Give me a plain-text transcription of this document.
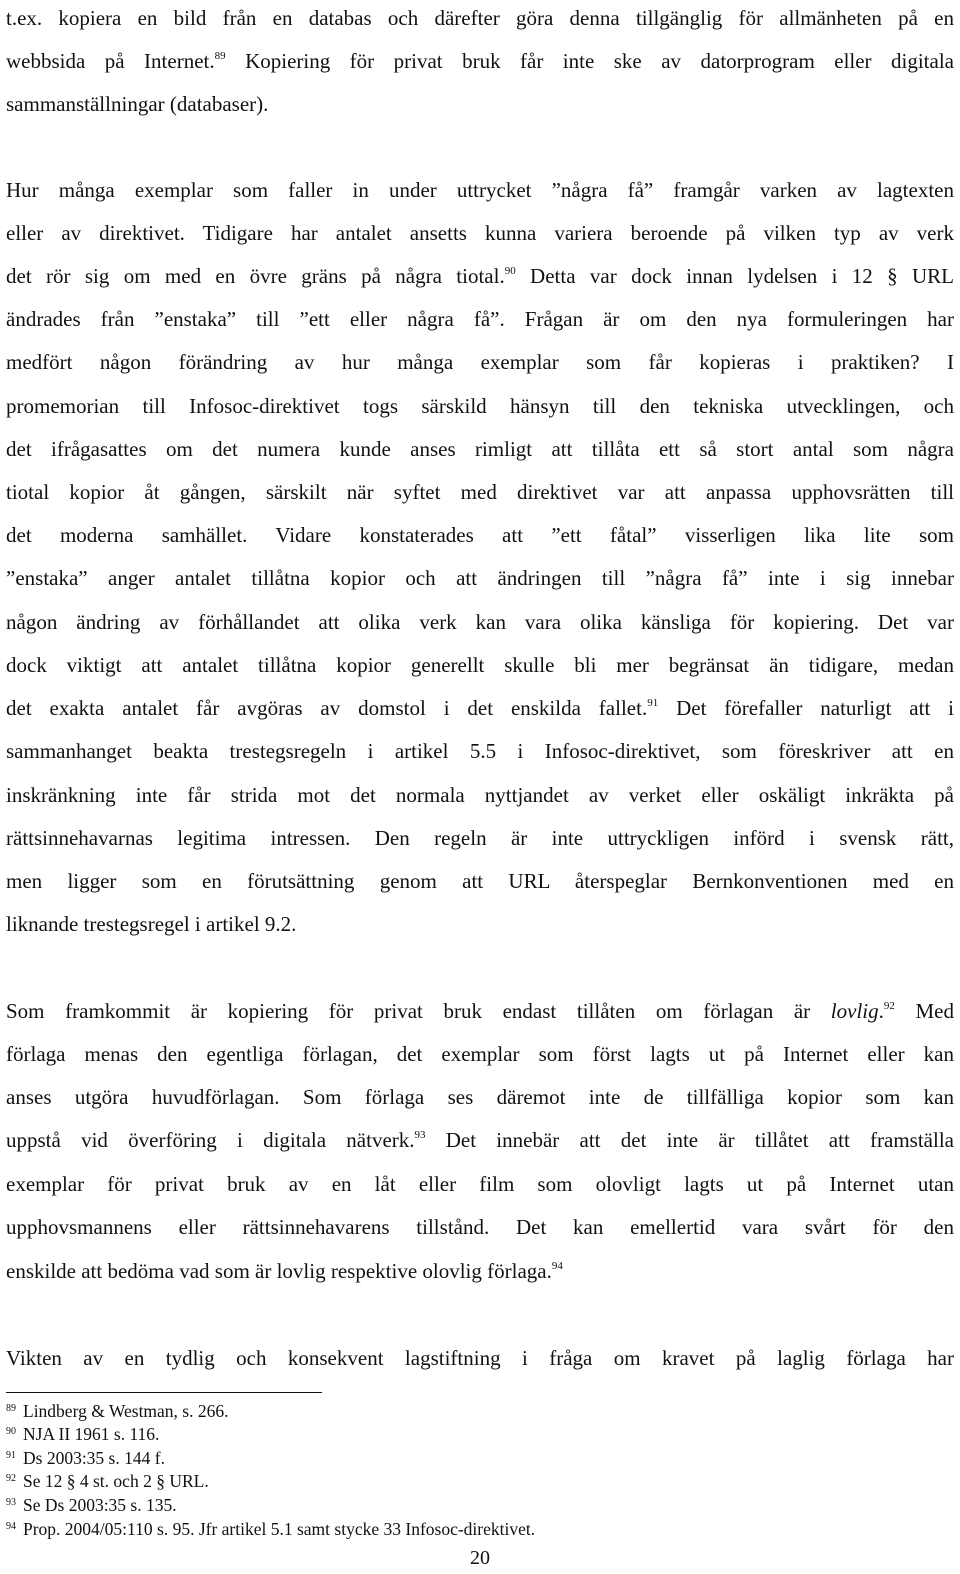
t.ex. kopiera en bild från en databas och därefter göra denna tillgänglig för allmänheten på en
webbsida på Internet.$^{89}$ Kopiering för privat bruk får inte ske av datorprogram eller digitala
sammanställningar (databaser).
Hur många exemplar som faller in under uttrycket ”några få” framgår varken av lagtexten
eller av direktivet. Tidigare har antalet ansetts kunna variera beroende på vilken typ av verk
det rör sig om med en övre gräns på några tiotal.$^{90}$ Detta var dock innan lydelsen i 12 § URL
ändrades från ”enstaka” till ”ett eller några få”. Frågan är om den nya formuleringen har
medfört någon förändring av hur många exemplar som får kopieras i praktiken? I
promemorian till Infosoc-direktivet togs särskild hänsyn till den tekniska utvecklingen, och
det ifrågasattes om det numera kunde anses rimligt att tillåta ett så stort antal som några
tiotal kopior åt gången, särskilt när syftet med direktivet var att anpassa upphovsrätten till
det moderna samhället. Vidare konstaterades att ”ett fåtal” visserligen lika lite som
”enstaka” anger antalet tillåtna kopior och att ändringen till ”några få” inte i sig innebar
någon ändring av förhållandet att olika verk kan vara olika känsliga för kopiering. Det var
dock viktigt att antalet tillåtna kopior generellt skulle bli mer begränsat än tidigare, medan
det exakta antalet får avgöras av domstol i det enskilda fallet.$^{91}$ Det förefaller naturligt att i
sammanhanget beakta trestegsregeln i artikel 5.5 i Infosoc-direktivet, som föreskriver att en
inskränkning inte får strida mot det normala nyttjandet av verket eller oskäligt inkräkta på
rättsinnehavarnas legitima intressen. Den regeln är inte uttryckligen införd i svensk rätt,
men ligger som en förutsättning genom att URL återspeglar Bernkonventionen med en
liknande trestegsregel i artikel 9.2.
Som framkommit är kopiering för privat bruk endast tillåten om förlagan är lovlig.$^{92}$ Med
förlaga menas den egentliga förlagan, det exemplar som först lagts ut på Internet eller kan
anses utgöra huvudförlagan. Som förlaga ses däremot inte de tillfälliga kopior som kan
uppstå vid överföring i digitala nätverk.$^{93}$ Det innebär att det inte är tillåtet att framställa
exemplar för privat bruk av en låt eller film som olovligt lagts ut på Internet utan
upphovsmannens eller rättsinnehavarens tillstånd. Det kan emellertid vara svårt för den
enskilde att bedöma vad som är lovlig respektive olovlig förlaga.$^{94}$
Vikten av en tydlig och konsekvent lagstiftning i fråga om kravet på laglig förlaga har
89 Lindberg & Westman, s. 266.
90 NJA II 1961 s. 116.
91 Ds 2003:35 s. 144 f.
92 Se 12 § 4 st. och 2 § URL.
93 Se Ds 2003:35 s. 135.
94 Prop. 2004/05:110 s. 95. Jfr artikel 5.1 samt stycke 33 Infosoc-direktivet.
20
